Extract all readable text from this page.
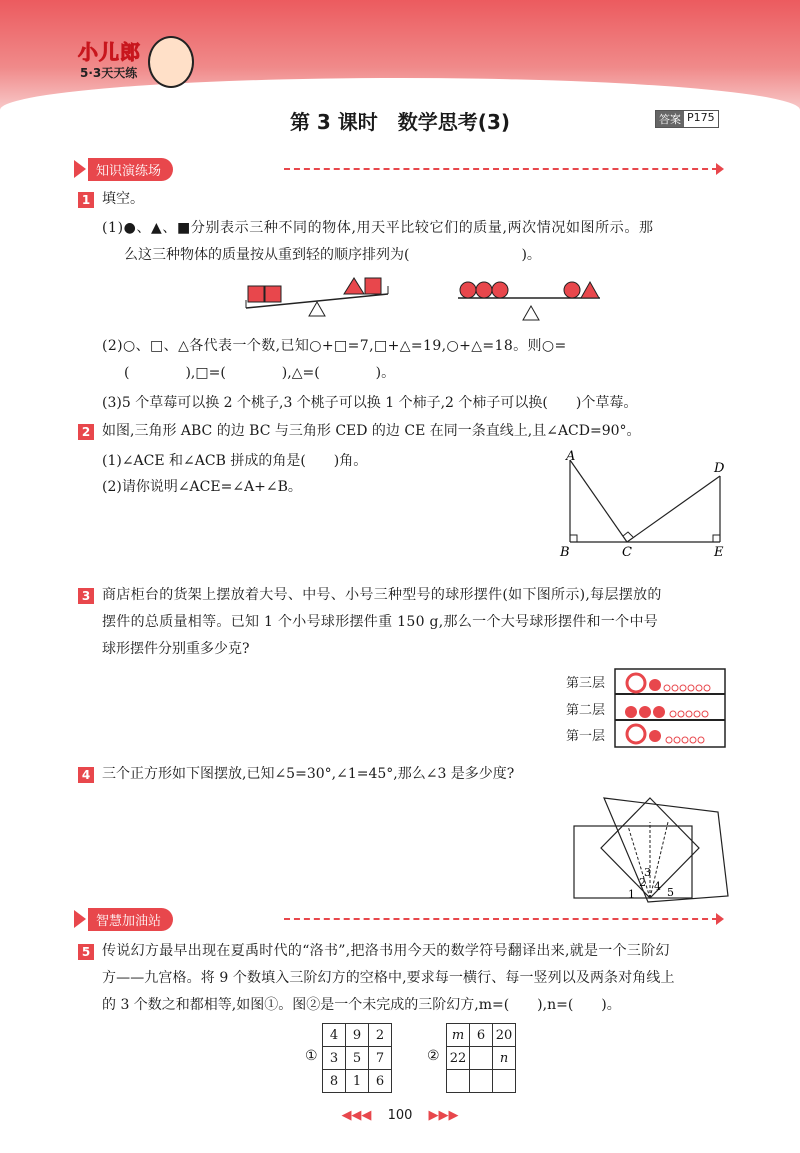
小儿郎
5·3天天练
第 3 课时　数学思考(3)	答案 P175
知识演练场
1 填空。
(1)●、▲、■分别表示三种不同的物体,用天平比较它们的质量,两次情况如图所示。那
么这三种物体的质量按从重到轻的顺序排列为(　　　　　　　　)。
(2)○、□、△各代表一个数,已知○+□=7,□+△=19,○+△=18。则○=
(　　　　),□=(　　　　),△=(　　　　)。
(3)5 个草莓可以换 2 个桃子,3 个桃子可以换 1 个柿子,2 个柿子可以换(　　)个草莓。
2 如图,三角形 ABC 的边 BC 与三角形 CED 的边 CE 在同一条直线上,且∠ACD=90°。
(1)∠ACE 和∠ACB 拼成的角是(　　)角。
(2)请你说明∠ACE=∠A+∠B。
A
B	C
D
E
3 商店柜台的货架上摆放着大号、中号、小号三种型号的球形摆件(如下图所示),每层摆放的
摆件的总质量相等。已知 1 个小号球形摆件重 150 g,那么一个大号球形摆件和一个中号
球形摆件分别重多少克?
第三层
第二层
第一层
4 三个正方形如下图摆放,已知∠5=30°,∠1=45°,那么∠3 是多少度?
1
2
3
4 5
智慧加油站
5 传说幻方最早出现在夏禹时代的“洛书”,把洛书用今天的数学符号翻译出来,就是一个三阶幻
方——九宫格。将 9 个数填入三阶幻方的空格中,要求每一横行、每一竖列以及两条对角线上
的 3 个数之和都相等,如图①。图②是一个未完成的三阶幻方,m=(　　),n=(　　)。
①
4	9	2
3	5	7
8	1	6
②
m	6	20
22		n

◀◀◀ 100 ▶▶▶
